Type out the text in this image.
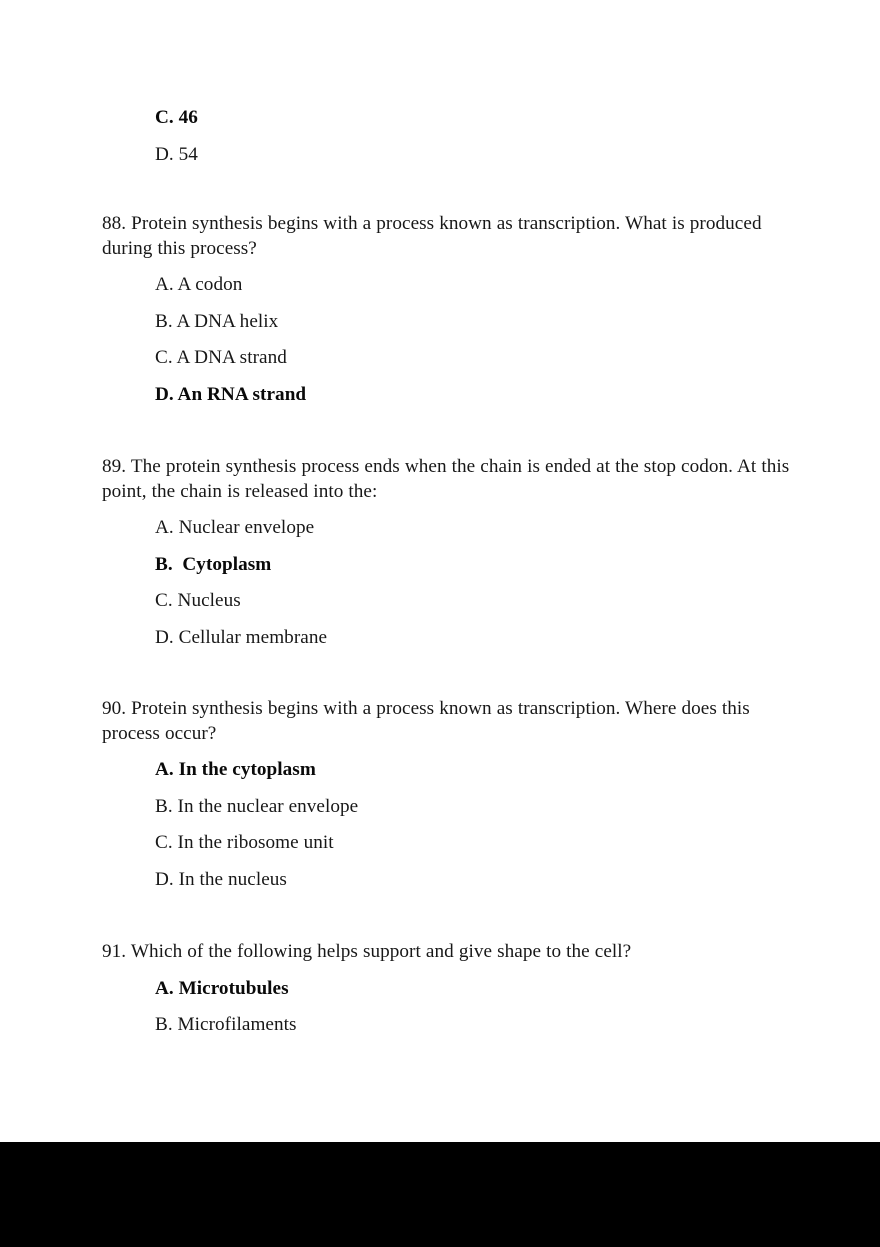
C. 46
D. 54
88. Protein synthesis begins with a process known as transcription. What is produced during this process?
A. A codon
B. A DNA helix
C. A DNA strand
D. An RNA strand
89. The protein synthesis process ends when the chain is ended at the stop codon. At this point, the chain is released into the:
A. Nuclear envelope
B.  Cytoplasm
C. Nucleus
D. Cellular membrane
90. Protein synthesis begins with a process known as transcription. Where does this process occur?
A. In the cytoplasm
B. In the nuclear envelope
C. In the ribosome unit
D. In the nucleus
91. Which of the following helps support and give shape to the cell?
A. Microtubules
B. Microfilaments
